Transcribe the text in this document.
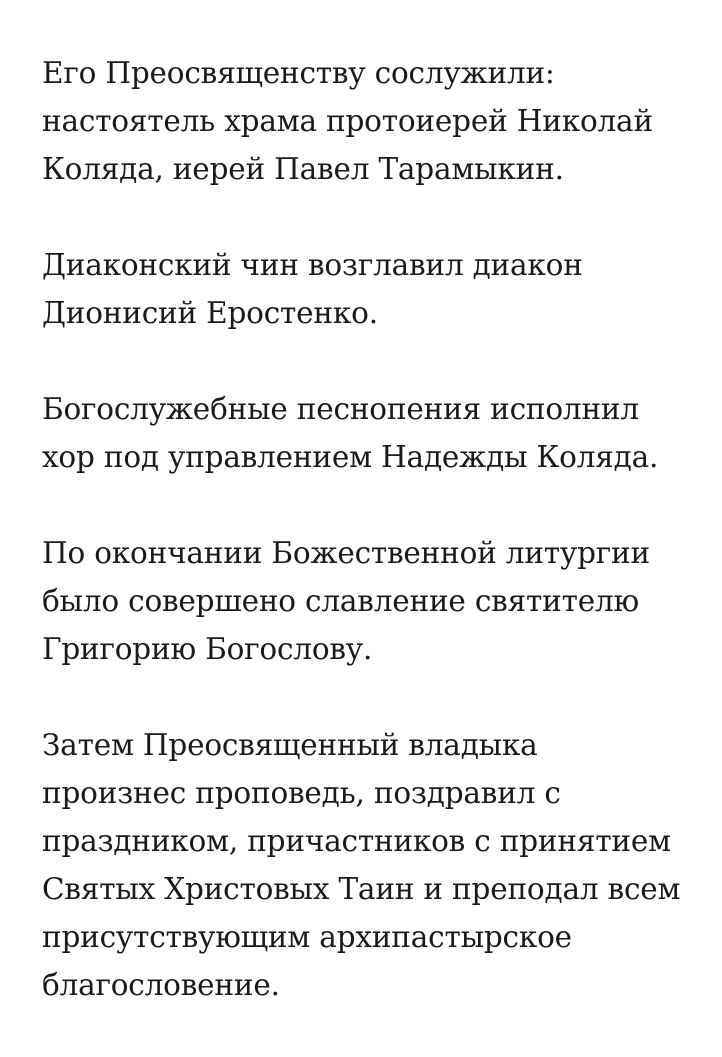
Его Преосвященству сослужили:
настоятель храма протоиерей Николай
Коляда, иерей Павел Тарамыкин.

Диаконский чин возглавил диакон
Дионисий Еростенко.

Богослужебные песнопения исполнил
хор под управлением Надежды Коляда.

По окончании Божественной литургии
было совершено славление святителю
Григорию Богослову.

Затем Преосвященный владыка
произнес проповедь, поздравил с
праздником, причастников с принятием
Святых Христовых Таин и преподал всем
присутствующим архипастырское
благословение.
